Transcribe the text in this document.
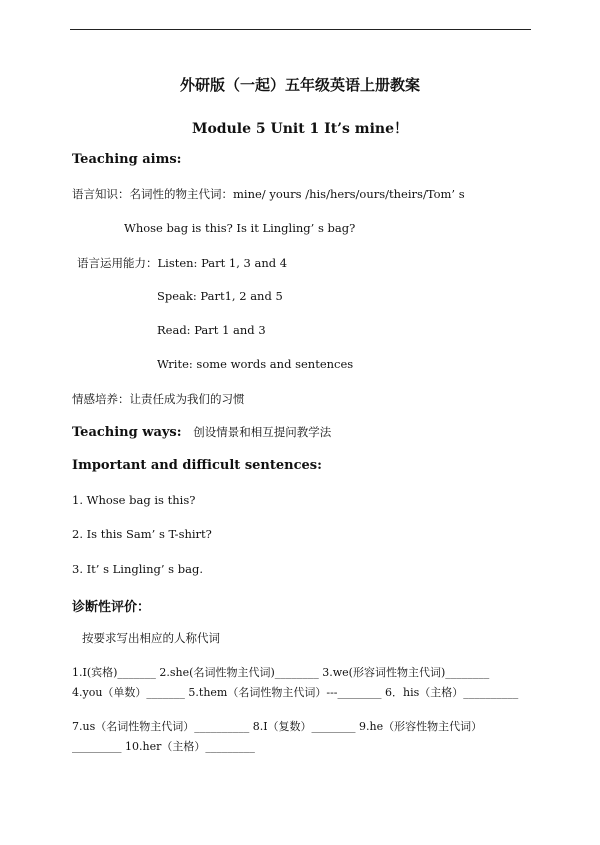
外研版（一起）五年级英语上册教案
Module 5 Unit 1 It’s mine！
Teaching aims:
语言知识：名词性的物主代词：mine/ yours /his/hers/ours/theirs/Tom’ s
Whose bag is this? Is it Lingling’ s bag?
语言运用能力：Listen: Part 1, 3 and 4
Speak: Part1, 2 and 5
Read: Part 1 and 3
Write: some words and sentences
情感培养：让责任成为我们的习惯
Teaching ways: 创设情景和相互提问教学法
Important and difficult sentences:
1. Whose bag is this?
2. Is this Sam’ s T-shirt?
3. It’ s Lingling’ s bag.
诊断性评价：
按要求写出相应的人称代词
1.I(宾格)_______ 2.she(名词性物主代词)________ 3.we(形容词性物主代词)________
4.you（单数）_______ 5.them（名词性物主代词）---________ 6．his（主格）__________
7.us（名词性物主代词）__________ 8.I（复数）________ 9.he（形容性物主代词）
_________ 10.her（主格）_________
